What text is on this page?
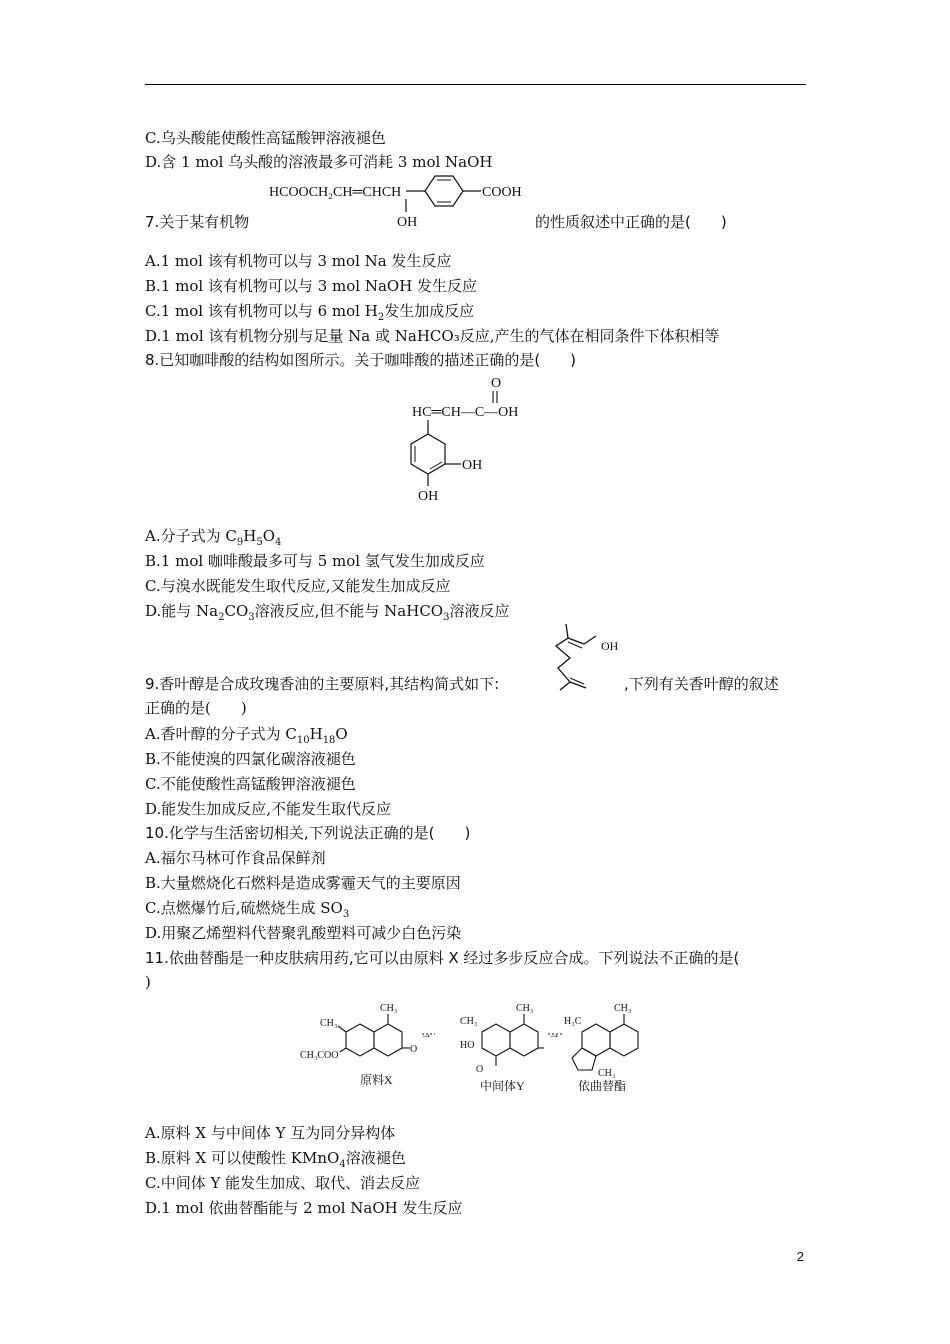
C.乌头酸能使酸性高锰酸钾溶液褪色
D.含 1 mol 乌头酸的溶液最多可消耗 3 mol NaOH
HCOOCH₂CH═CHCH	COOH
OH
7.关于某有机物	的性质叙述中正确的是(　　)
A.1 mol 该有机物可以与 3 mol Na 发生反应
B.1 mol 该有机物可以与 3 mol NaOH 发生反应
C.1 mol 该有机物可以与 6 mol $H_2$发生加成反应
D.1 mol 该有机物分别与足量 Na 或 NaHCO₃反应,产生的气体在相同条件下体积相等
8.已知咖啡酸的结构如图所示。关于咖啡酸的描述正确的是(　　)
O
HC═CH—C—OH
OH
OH
A.分子式为 $C_9H_5O_4$
B.1 mol 咖啡酸最多可与 5 mol 氢气发生加成反应
C.与溴水既能发生取代反应,又能发生加成反应
D.能与 $Na_2CO_3$溶液反应,但不能与 NaHCO$_3$溶液反应
OH
9.香叶醇是合成玫瑰香油的主要原料,其结构简式如下:	,下列有关香叶醇的叙述
正确的是(　　)
A.香叶醇的分子式为 $C_{10}H_{18}O$
B.不能使溴的四氯化碳溶液褪色
C.不能使酸性高锰酸钾溶液褪色
D.能发生加成反应,不能发生取代反应
10.化学与生活密切相关,下列说法正确的是(　　)
A.福尔马林可作食品保鲜剂
B.大量燃烧化石燃料是造成雾霾天气的主要原因
C.点燃爆竹后,硫燃烧生成 $SO_3$
D.用聚乙烯塑料代替聚乳酸塑料可减少白色污染
11.依曲替酯是一种皮肤病用药,它可以由原料 X 经过多步反应合成。下列说法不正确的是(
)
CH₃
CH₃
CH₃COO
O
原料X
→
CH₃
CH₃
HO
O
中间体Y
→
CH₃
H₃C
CH₃
依曲替酯
A.原料 X 与中间体 Y 互为同分异构体
B.原料 X 可以使酸性 KMnO$_4$溶液褪色
C.中间体 Y 能发生加成、取代、消去反应
D.1 mol 依曲替酯能与 2 mol NaOH 发生反应
2
